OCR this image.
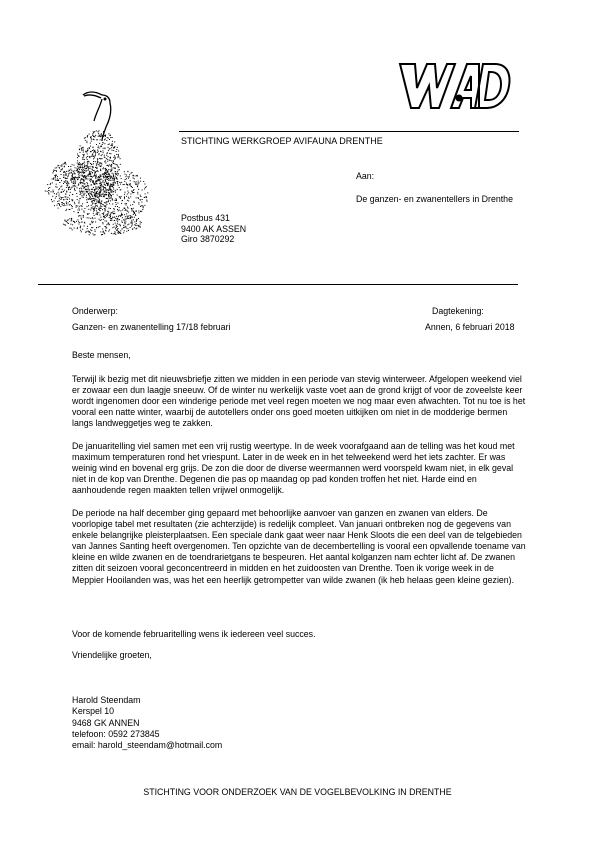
STICHTING WERKGROEP AVIFAUNA DRENTHE
Aan:
De ganzen- en zwanentellers in Drenthe
Postbus 431
9400 AK ASSEN
Giro 3870292
Onderwerp:	Dagtekening:
Ganzen- en zwanentelling 17/18 februari	Annen, 6 februari 2018
Beste mensen,

Terwijl ik bezig met dit nieuwsbriefje zitten we midden in een periode van stevig winterweer. Afgelopen weekend viel er zowaar een dun laagje sneeuw. Of de winter nu werkelijk vaste voet aan de grond krijgt of voor de zoveelste keer wordt ingenomen door een winderige periode met veel regen moeten we nog maar even afwachten. Tot nu toe is het vooral een natte winter, waarbij de autotellers onder ons goed moeten uitkijken om niet in de modderige bermen langs landweggetjes weg te zakken.

De januaritelling viel samen met een vrij rustig weertype. In de week voorafgaand aan de telling was het koud met maximum temperaturen rond het vriespunt. Later in de week en in het telweekend werd het iets zachter. Er was weinig wind en bovenal erg grijs. De zon die door de diverse weermannen werd voorspeld kwam niet, in elk geval niet in de kop van Drenthe. Degenen die pas op maandag op pad konden troffen het niet. Harde eind en aanhoudende regen maakten tellen vrijwel onmogelijk.

De periode na half december ging gepaard met behoorlijke aanvoer van ganzen en zwanen van elders. De voorlopige tabel met resultaten (zie achterzijde) is redelijk compleet. Van januari ontbreken nog de gegevens van enkele belangrijke pleisterplaatsen. Een speciale dank gaat weer naar Henk Sloots die een deel van de telgebieden van Jannes Santing heeft overgenomen. Ten opzichte van de decembertelling is vooral een opvallende toename van kleine en wilde zwanen en de toendrarietgans te bespeuren. Het aantal kolganzen nam echter licht af. De zwanen zitten dit seizoen vooral geconcentreerd in midden en het zuidoosten van Drenthe. Toen ik vorige week in de Meppier Hooilanden was, was het een heerlijk getrompetter van wilde zwanen (ik heb helaas geen kleine gezien).

Voor de komende februaritelling wens ik iedereen veel succes.

Vriendelijke groeten,
Harold Steendam
Kerspel 10
9468 GK ANNEN
telefoon: 0592 273845
email: harold_steendam@hotmail.com
STICHTING VOOR ONDERZOEK VAN DE VOGELBEVOLKING IN DRENTHE
